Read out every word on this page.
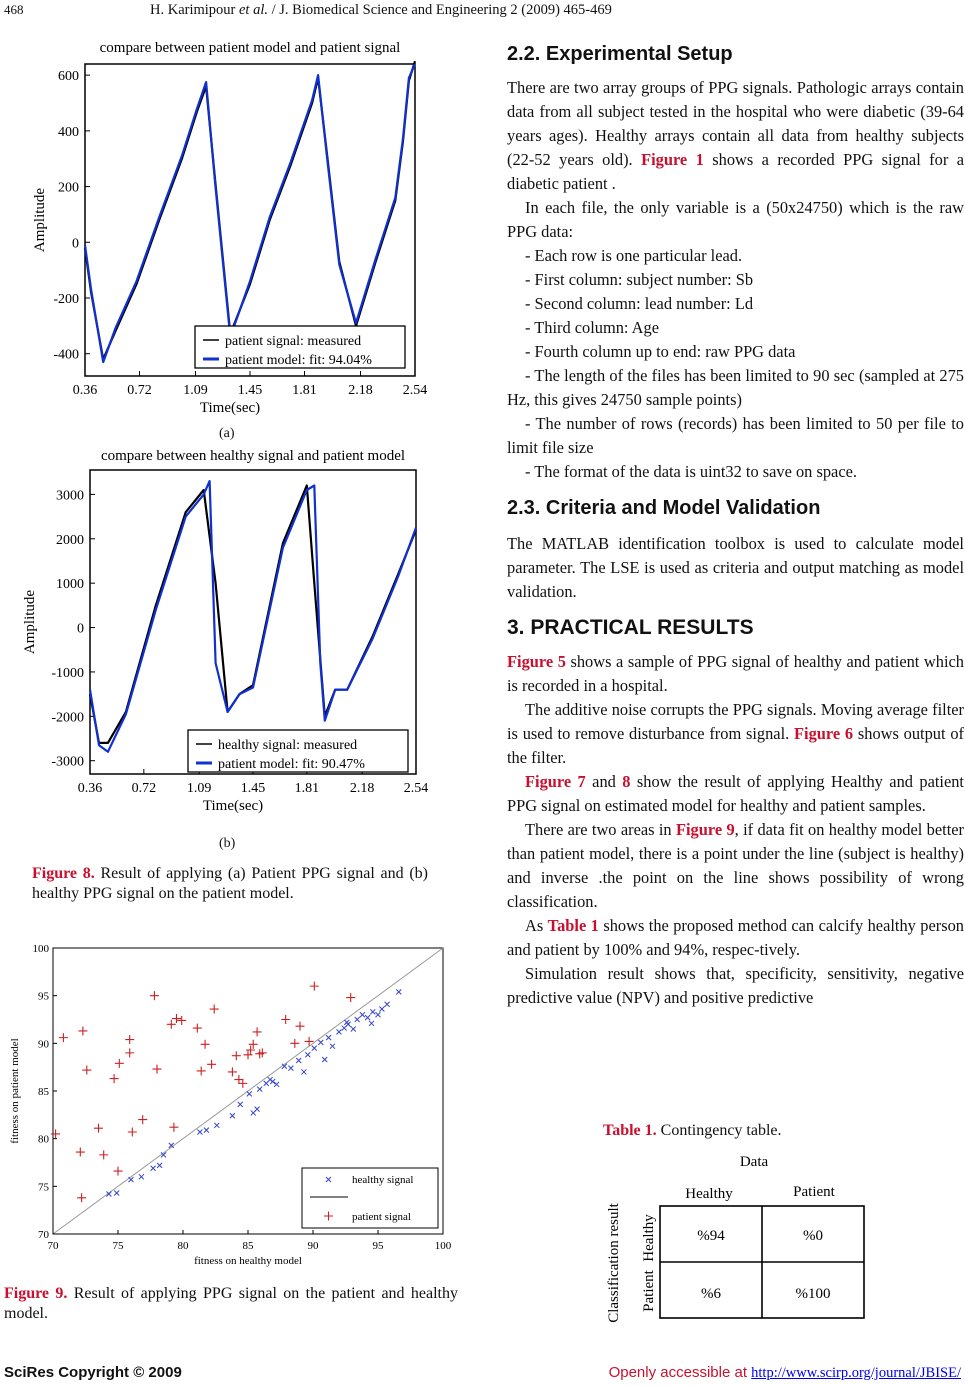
468	H. Karimipour et al. / J. Biomedical Science and Engineering 2 (2009) 465-469
compare between patient model and patient signal
0.36 0.72 1.09 1.45 1.81 2.18 2.54
600
400
200
0
-200
-400
Time(sec)
Amplitude
patient signal: measured
patient model: fit: 94.04%
(a)
compare between healthy signal and patient model
0.36 0.72 1.09 1.45 1.81 2.18 2.54
3000
2000
1000
0
-1000
-2000
-3000
Time(sec)
Amplitude
healthy signal: measured
patient model: fit: 90.47%
(b)
Figure 8. Result of applying (a) Patient PPG signal and (b) healthy PPG signal on the patient model.
70	75	80	85	90	95	100
100
95
90
85
80
75
70
fitness on healthy model
fitness on patient model
healthy signal
patient signal
Figure 9. Result of applying PPG signal on the patient and healthy model.
2.2. Experimental Setup

There are two array groups of PPG signals. Pathologic arrays contain data from all subject tested in the hospital who were diabetic (39-64 years ages). Healthy arrays contain all data from healthy subjects (22-52 years old). Figure 1 shows a recorded PPG signal for a diabetic patient .

In each file, the only variable is a (50x24750) which is the raw PPG data:

- Each row is one particular lead.

- First column: subject number: Sb

- Second column: lead number: Ld

- Third column: Age

- Fourth column up to end: raw PPG data

- The length of the files has been limited to 90 sec (sampled at 275 Hz, this gives 24750 sample points)

- The number of rows (records) has been limited to 50 per file to limit file size

- The format of the data is uint32 to save on space.

2.3. Criteria and Model Validation

The MATLAB identification toolbox is used to calculate model parameter. The LSE is used as criteria and output matching as model validation.

3. PRACTICAL RESULTS

Figure 5 shows a sample of PPG signal of healthy and patient which is recorded in a hospital.

The additive noise corrupts the PPG signals. Moving average filter is used to remove disturbance from signal. Figure 6 shows output of the filter.

Figure 7 and 8 show the result of applying Healthy and patient PPG signal on estimated model for healthy and patient samples.

There are two areas in Figure 9, if data fit on healthy model better than patient model, there is a point under the line (subject is healthy) and inverse .the point on the line shows possibility of wrong classification.

As Table 1 shows the proposed method can calcify healthy person and patient by 100% and 94%, respec-tively.

Simulation result shows that, specificity, sensitivity, negative predictive value (NPV) and positive predictive

Table 1. Contingency table.
Data
Healthy	Patient
Classification result Healthy
Patient
%94	%0
%6	%100
SciRes Copyright © 2009	Openly accessible at http://www.scirp.org/journal/JBISE/
